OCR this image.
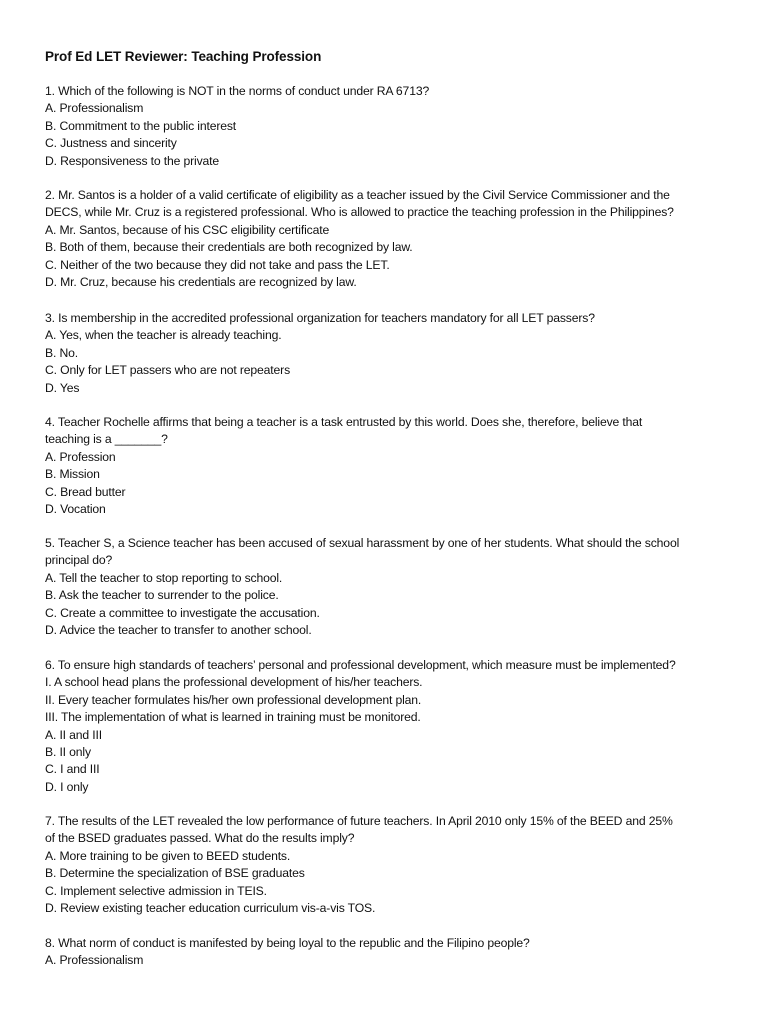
Prof Ed LET Reviewer: Teaching Profession
1. Which of the following is NOT in the norms of conduct under RA 6713?
A. Professionalism
B. Commitment to the public interest
C. Justness and sincerity
D. Responsiveness to the private
2. Mr. Santos is a holder of a valid certificate of eligibility as a teacher issued by the Civil Service Commissioner and the
DECS, while Mr. Cruz is a registered professional. Who is allowed to practice the teaching profession in the Philippines?
A. Mr. Santos, because of his CSC eligibility certificate
B. Both of them, because their credentials are both recognized by law.
C. Neither of the two because they did not take and pass the LET.
D. Mr. Cruz, because his credentials are recognized by law.
3. Is membership in the accredited professional organization for teachers mandatory for all LET passers?
A. Yes, when the teacher is already teaching.
B. No.
C. Only for LET passers who are not repeaters
D. Yes
4. Teacher Rochelle affirms that being a teacher is a task entrusted by this world. Does she, therefore, believe that
teaching is a _______?
A. Profession
B. Mission
C. Bread butter
D. Vocation
5. Teacher S, a Science teacher has been accused of sexual harassment by one of her students. What should the school
principal do?
A. Tell the teacher to stop reporting to school.
B. Ask the teacher to surrender to the police.
C. Create a committee to investigate the accusation.
D. Advice the teacher to transfer to another school.
6. To ensure high standards of teachers’ personal and professional development, which measure must be implemented?
I. A school head plans the professional development of his/her teachers.
II. Every teacher formulates his/her own professional development plan.
III. The implementation of what is learned in training must be monitored.
A. II and III
B. II only
C. I and III
D. I only
7. The results of the LET revealed the low performance of future teachers. In April 2010 only 15% of the BEED and 25%
of the BSED graduates passed. What do the results imply?
A. More training to be given to BEED students.
B. Determine the specialization of BSE graduates
C. Implement selective admission in TEIS.
D. Review existing teacher education curriculum vis-a-vis TOS.
8. What norm of conduct is manifested by being loyal to the republic and the Filipino people?
A. Professionalism
